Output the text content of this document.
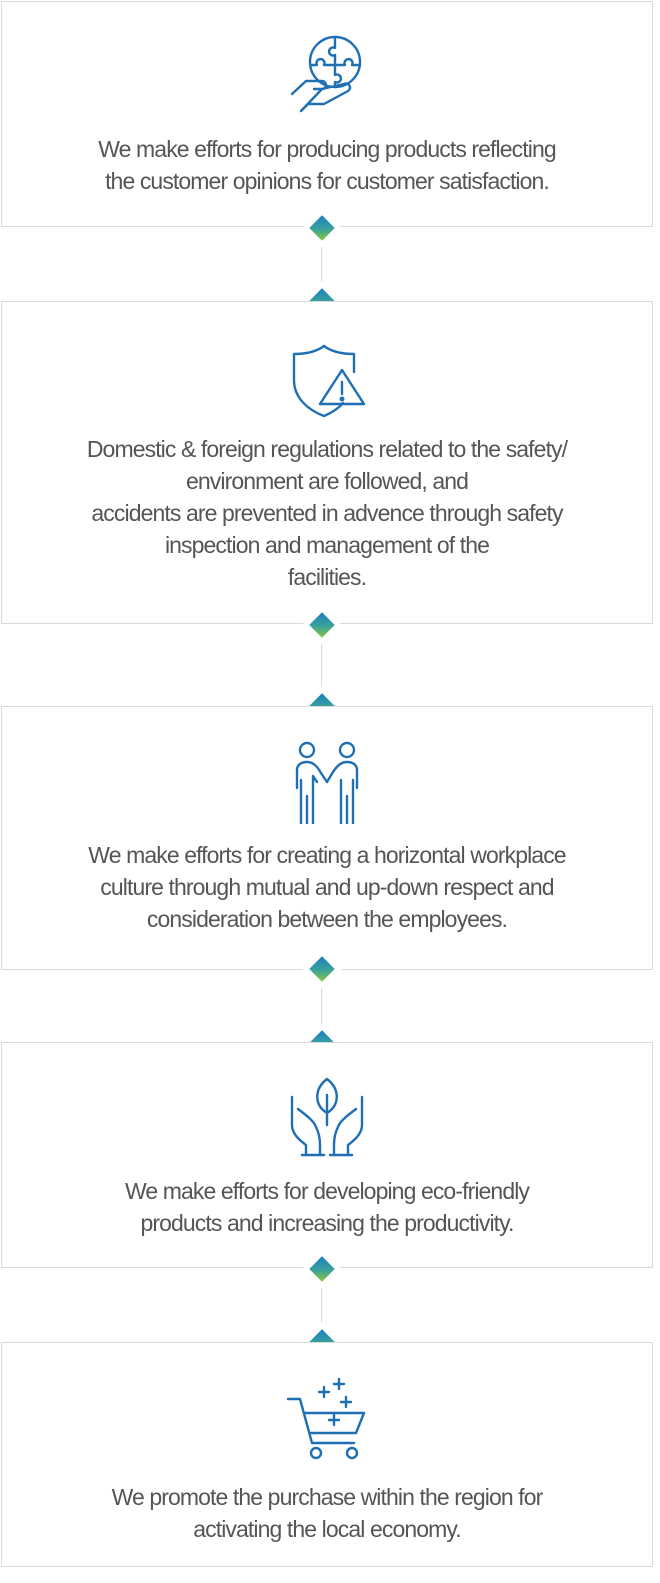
We make efforts for producing products reflecting
the customer opinions for customer satisfaction.
Domestic & foreign regulations related to the safety/
environment are followed, and
accidents are prevented in advence through safety
inspection and management of the
facilities.
We make efforts for creating a horizontal workplace
culture through mutual and up-down respect and
consideration between the employees.
We make efforts for developing eco-friendly
products and increasing the productivity.
We promote the purchase within the region for
activating the local economy.
